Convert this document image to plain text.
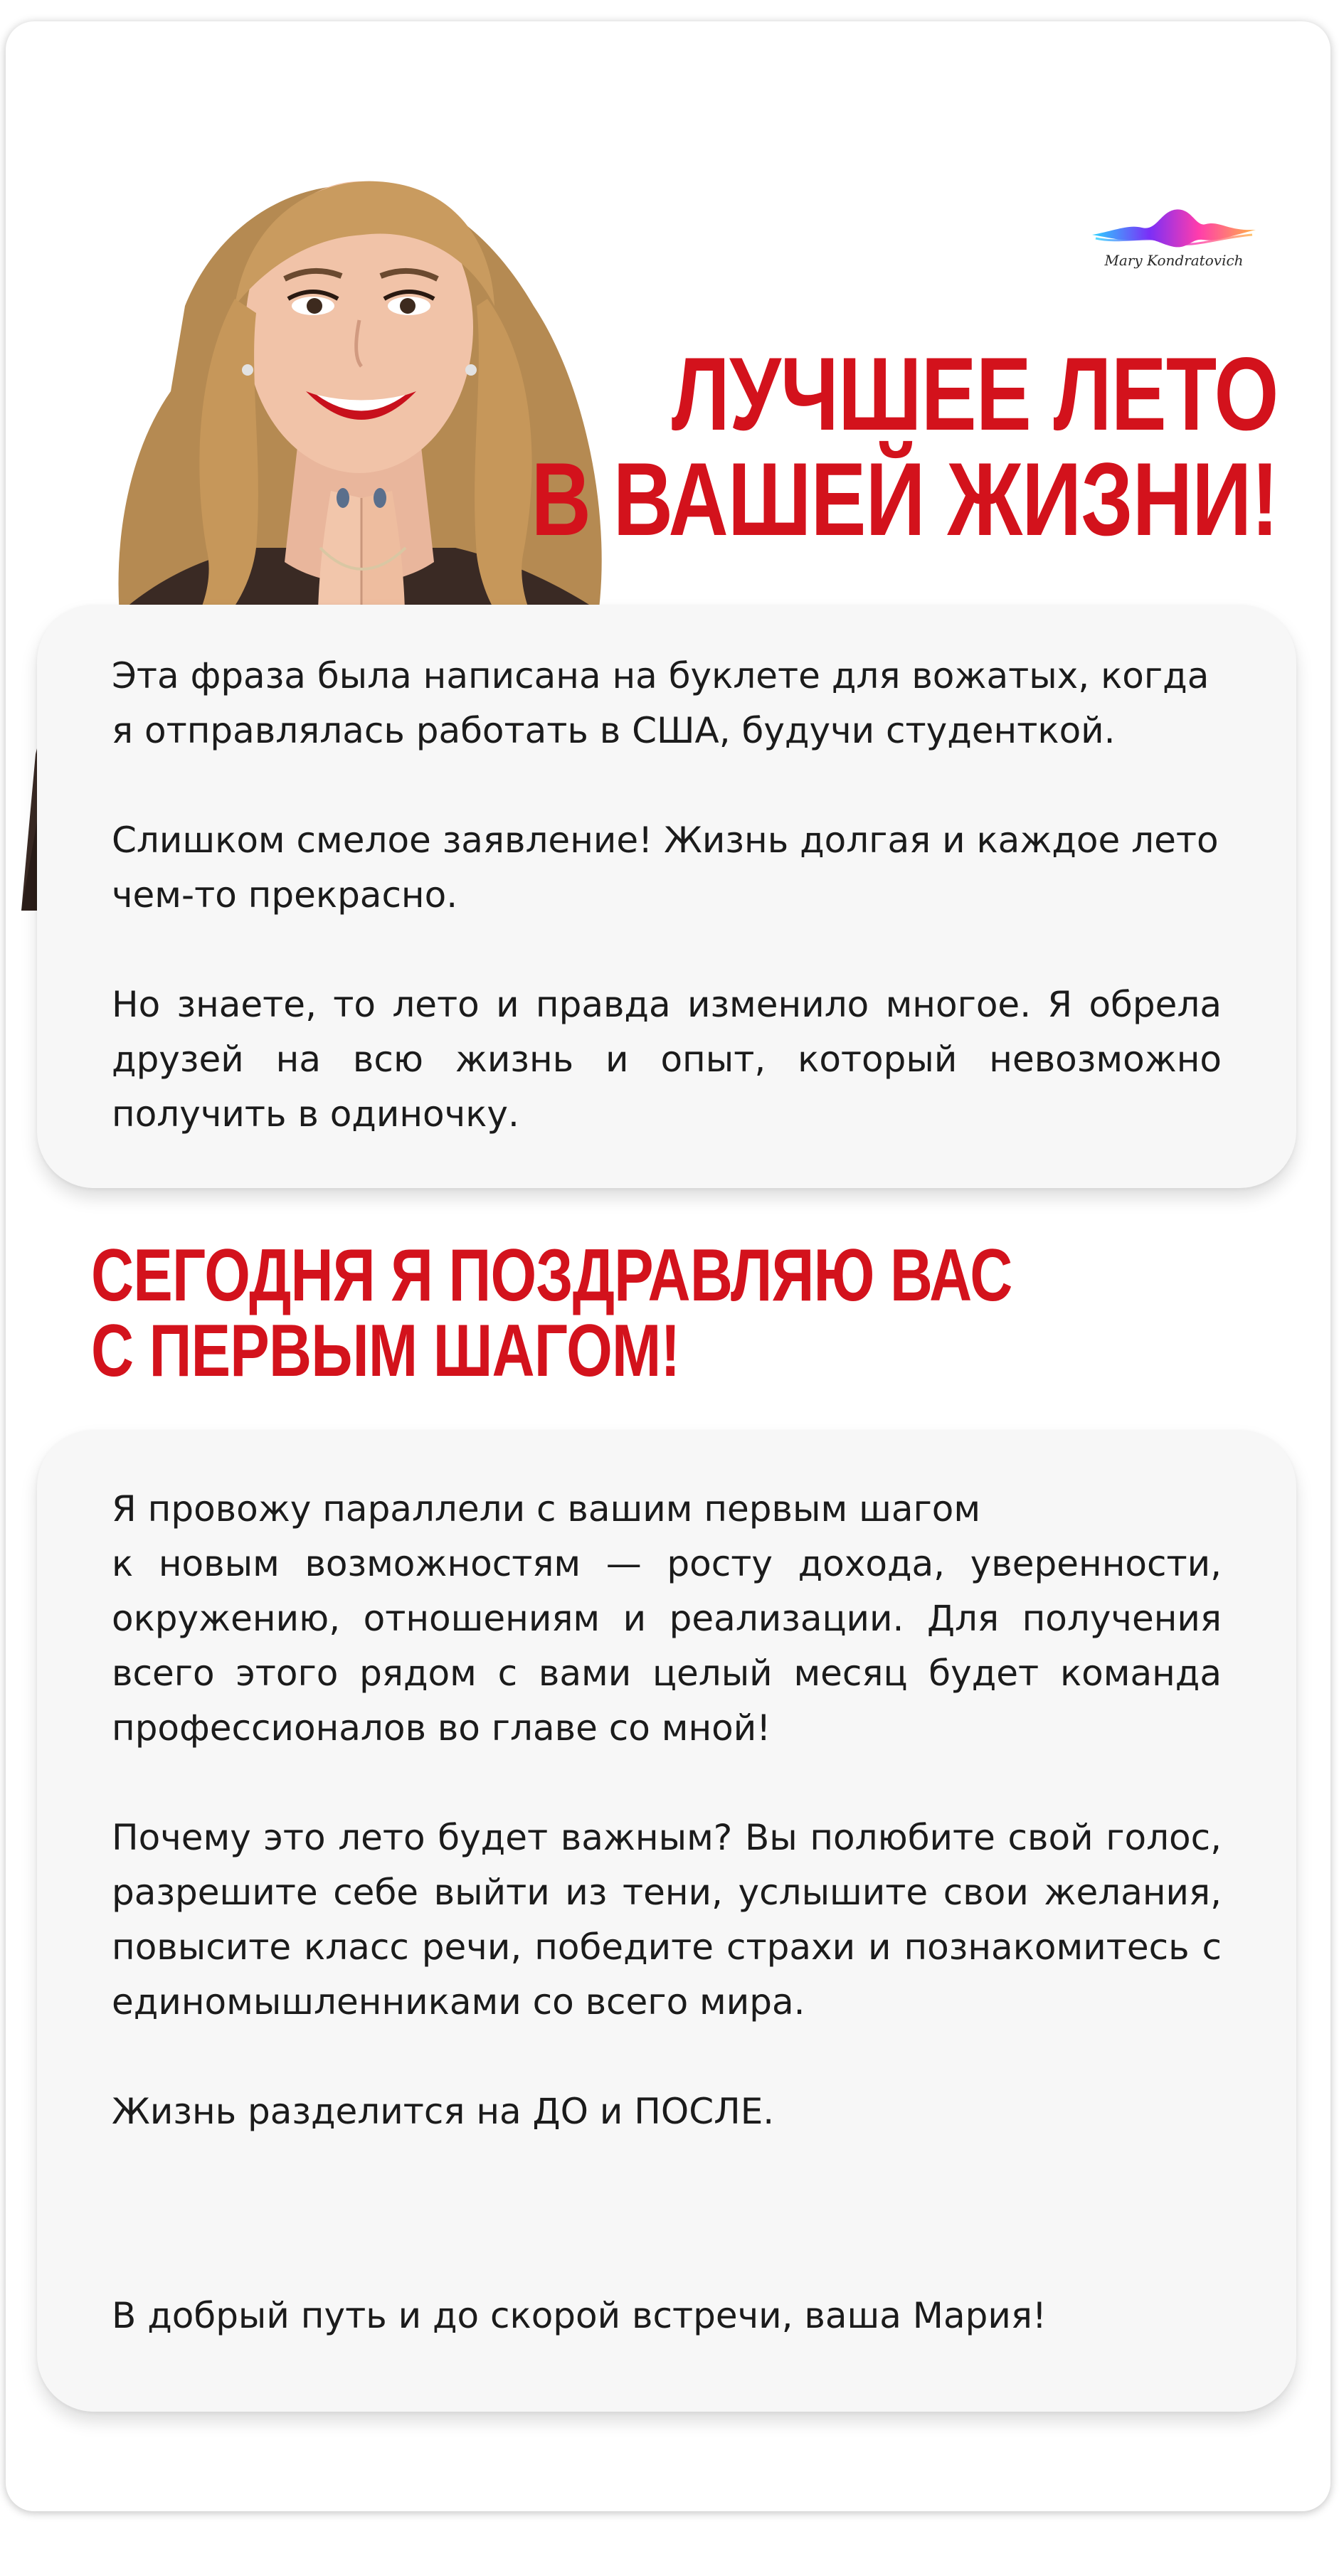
Mary Kondratovich
ЛУЧШЕЕ ЛЕТО
В ВАШЕЙ ЖИЗНИ!

Эта фраза была написана на буклете для вожатых, когда
я отправлялась работать в США, будучи студенткой.

Слишком смелое заявление! Жизнь долгая и каждое лето
чем-то прекрасно.

Но знаете, то лето и правда изменило многое. Я обрела
друзей на всю жизнь и опыт, который невозможно
получить в одиночку.

СЕГОДНЯ Я ПОЗДРАВЛЯЮ ВАС
С ПЕРВЫМ ШАГОМ!

Я провожу параллели с вашим первым шагом
к новым возможностям — росту дохода, уверенности,
окружению, отношениям и реализации. Для получения
всего этого рядом с вами целый месяц будет команда
профессионалов во главе со мной!

Почему это лето будет важным? Вы полюбите свой голос,
разрешите себе выйти из тени, услышите свои желания,
повысите класс речи, победите страхи и познакомитесь с
единомышленниками со всего мира.

Жизнь разделится на ДО и ПОСЛЕ.

В добрый путь и до скорой встречи, ваша Мария!
